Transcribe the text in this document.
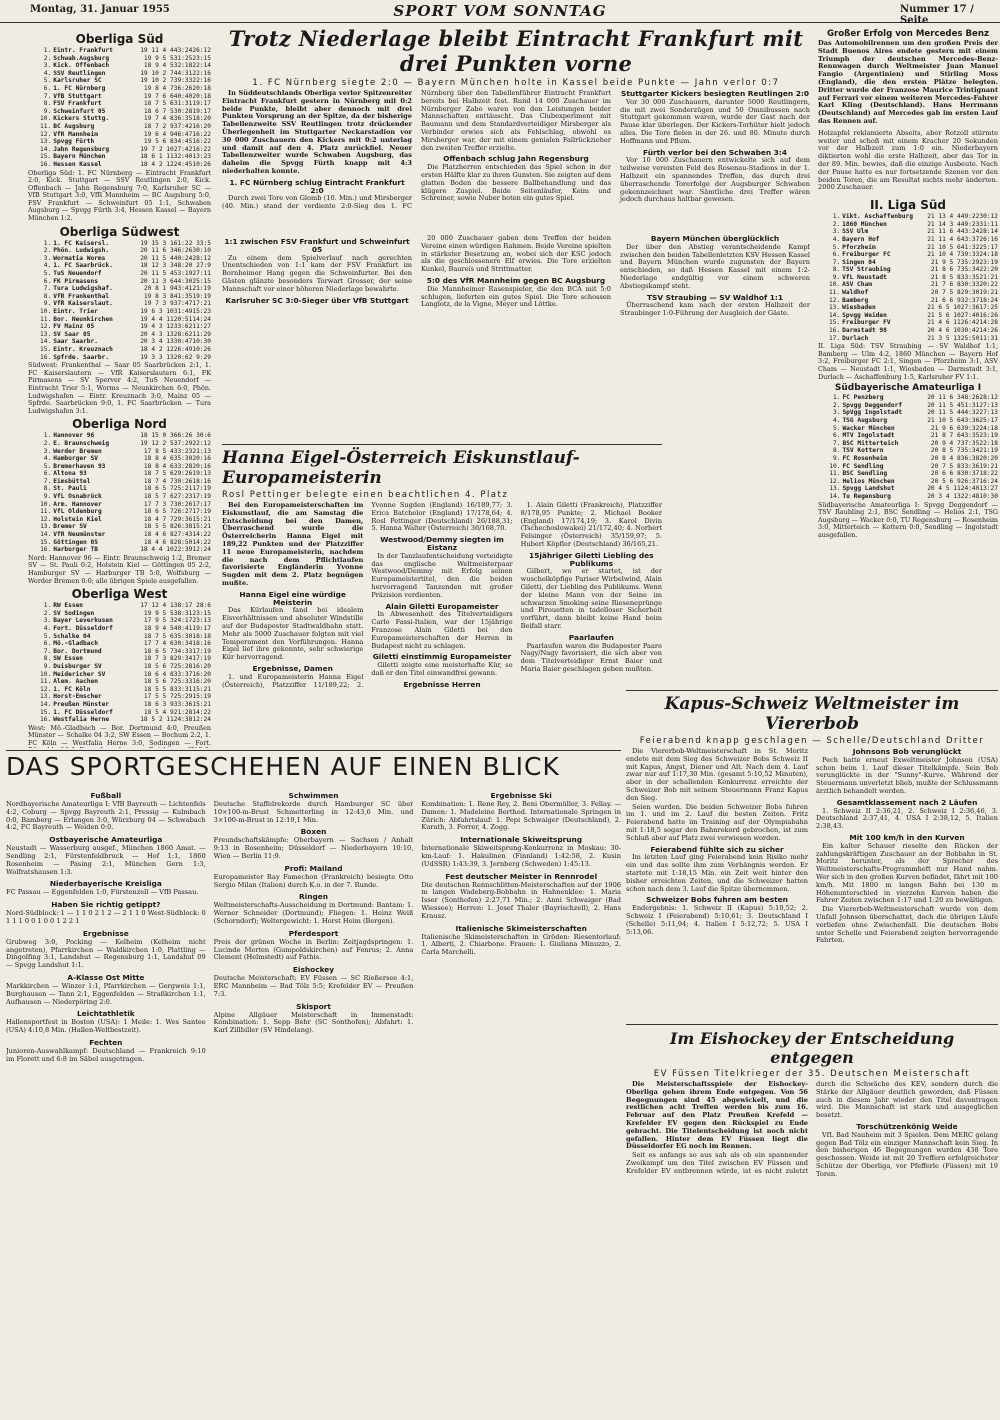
Montag, 31. Januar 1955	SPORT VOM SONNTAG	Nummer 17 / Seite
Oberliga Süd
1.	Eintr. Frankfurt	19 11 4 4	43:24	26:12
2.	Schwab.Augsburg	19 9 5 5	31:25	23:15
3.	Kick. Offenbach	18 9 4 5	32:18	22:14
4.	SSV Reutlingen	19 10 2 7	44:31	22:16
5.	Karlsruher SC	19 10 2 7	39:33	22:16
6.	1. FC Nürnberg	19 8 4 7	36:26	20:18
7.	VfB Stuttgart	19 7 6 6	40:40	20:18
8.	FSV Frankfurt	18 7 5 6	31:31	19:17
9.	Schweinfurt 05	18 6 7 5	30:28	19:17
10.	Kickers Stuttg.	19 7 4 8	36:35	18:20
11.	BC Augsburg	18 7 2 9	37:42	16:20
12.	VfR Mannheim	19 6 4 9	46:47	16:22
13.	Spvgg Fürth	19 5 6 8	34:45	16:22
14.	Jahn Regensburg	19 7 2 10	27:42	16:22
15.	Bayern München	18 6 1 11	32:40	13:23
16.	Hessen Kassel	18 4 2 12	24:45	10:26
Oberliga Süd: 1. FC Nürnberg — Eintracht Frankfurt 2:0, Kick. Stuttgart — SSV Reutlingen 2:0, Kick. Offenbach — Jahn Regensburg 7:0, Karlsruher SC — VfB Stuttgart 3:0, VfR Mannheim — BC Augsburg 5:0, FSV Frankfurt — Schweinfurt 05 1:1, Schwaben Augsburg — Spvgg Fürth 3:4, Hessen Kassel — Bayern München 1:2.
Oberliga Südwest
1.	1. FC Kaisersl.	19 15 3 1	61:22	33:5
2.	Phön. Ludwigsh.	20 11 6 3	46:26	30:10
3.	Wormatia Worms	20 11 5 4	40:24	28:12
4.	1. FC Saarbrück.	18 12 3 3	48:20	27:9
5.	TuS Neuendorf	20 11 5 4	53:19	27:11
6.	FK Pirmasens	20 11 3 6	44:30	25:15
7.	Tura Ludwigshaf.	20 8 1 9	43:41	21:19
8.	VfR Frankenthal	19 8 3 8	41:35	19:19
9.	VfR Kaiserslaut.	19 7 3 9	37:47	17:21
10.	Eintr. Trier	19 6 3 10	31:49	15:23
11.	Bor. Neunkirchen	19 4 4 11	20:51	14:24
12.	FV Mainz 05	19 4 3 12	33:62	11:27
13.	SV Saar 05	20 4 3 13	28:62	11:29
14.	Saar Saarbr.	20 3 4 13	30:47	10:30
15.	Eintr. Kreuznach	18 4 2 12	26:49	10:26
16.	Spfrde. Saarbr.	19 3 3 13	20:62	9:29
Südwest: Frankenthal — Saar 05 Saarbrücken 2:1, 1. FC Kaiserslautern — VfR Kaiserslautern 6:1, FK Pirmasens — SV Sperver 4:2, TuS Neuendorf — Eintracht Trier 5:1, Worms — Neunkirchen 6:0, Phön. Ludwigshafen — Eintr. Kreuznach 3:0, Mainz 05 — Spfrde. Saarbrücken 9:0, 1. FC Saarbrücken — Tura Ludwigshafen 3:1.
Oberliga Nord
1.	Hannover 96	18 15 0 3	66:26	30:6
2.	E. Braunschweig	19 12 2 5	37:29	22:12
3.	Werder Bremen	17 8 5 4	33:23	21:13
4.	Hamburger SV	18 8 4 6	35:30	20:16
5.	Bremerhaven 93	18 8 4 6	33:28	20:16
6.	Altona 93	18 7 5 6	29:26	19:13
7.	Eimsbüttel	18 7 4 7	30:26	18:16
8.	St. Pauli	18 6 5 7	25:21	17:19
9.	VfL Osnabrück	18 5 7 6	27:23	17:19
10.	Arm. Hannover	17 7 3 7	30:26	17:17
11.	VfL Oldenburg	18 6 5 7	26:27	17:19
12.	Holstein Kiel	18 4 7 7	29:36	15:21
13.	Bremer SV	18 5 5 8	26:38	15:21
14.	VfR Neumünster	18 4 6 8	27:43	14:22
15.	Göttingen 05	18 4 6 8	28:50	14:22
16.	Harburger TB	18 4 4 10	22:39	12:24
Nord: Hannover 96 — Eintr. Braunschweig 1:2, Bremer SV — St. Pauli 0:2, Holstein Kiel — Göttingen 05 2:2, Hamburger SV — Harburger TB 5:0, Wolfsburg — Werder Bremen 0:0; alle übrigen Spiele ausgefallen.
Oberliga West
1.	RW Essen	17 12 4 1	38:17	28:6
2.	SV Sodingen	19 9 5 5	38:31	23:15
3.	Bayer Leverkusen	17 9 5 3	24:17	23:13
4.	Fort. Düsseldorf	18 9 4 5	40:41	19:17
5.	Schalke 04	18 7 5 6	35:30	18:18
6.	Mö.-Gladbach	17 7 4 6	30:34	18:16
7.	Bor. Dortmund	18 6 5 7	34:33	17:19
8.	SW Essen	18 7 3 8	29:34	17:19
9.	Duisburger SV	18 5 6 7	25:28	16:20
10.	Meidericher SV	18 6 4 8	33:37	16:20
11.	Alem. Aachen	18 5 6 7	25:33	16:20
12.	1. FC Köln	18 5 5 8	33:31	15:21
13.	Horst-Emscher	17 5 5 7	25:29	15:19
14.	Preußen Münster	18 6 3 9	33:36	15:21
15.	1. FC Düsseldorf	18 5 4 9	21:28	14:22
16.	Westfalia Herne	18 5 2 11	24:38	12:24
West: Mö.-Gladbach — Bor. Dortmund 4:0, Preußen Münster — Schalke 04 3:2, SW Essen — Bochum 2:2, 1. FC Köln — Westfalia Herne 3:0, Sodingen — Fort.

Trotz Niederlage bleibt Eintracht Frankfurt mit drei Punkten vorne
1. FC Nürnberg siegte 2:0 — Bayern München holte in Kassel beide Punkte — Jahn verlor 0:7

In Süddeutschlands Oberliga verlor Spitzenreiter Eintracht Frankfurt gestern in Nürnberg mit 0:2 beide Punkte, bleibt aber dennoch mit drei Punkten Vorsprung an der Spitze, da der bisherige Tabellenzweite SSV Reutlingen trotz drückender Überlegenheit im Stuttgarter Neckarstadion vor 30 000 Zuschauern den Kickers mit 0:2 unterlag und damit auf den 4. Platz zurückfiel. Neuer Tabellenzweiter wurde Schwaben Augsburg, das daheim die Spvgg Fürth knapp mit 4:3 niederhalten konnte.

1. FC Nürnberg schlug Eintracht Frankfurt 2:0

Durch zwei Tore von Glomb (10. Min.) und Mirsberger (40. Min.) stand der verdiente 2:0-Sieg des 1. FC Nürnberg über den Tabellenführer Eintracht Frankfurt bereits bei Halbzeit fest. Rund 14 000 Zuschauer im Nürnberger Zabo waren von den Leistungen beider Mannschaften enttäuscht. Das Clubexperiment mit Baumann und dem Standardverteidiger Mirsberger als Verbinder erwies sich als Fehlschlag, obwohl es Mirsberger war, der mit einem genialen Fallrückzieher den zweiten Treffer erzielte.

Offenbach schlug Jahn Regensburg

Die Platzherren entschieden das Spiel schon in der ersten Hälfte klar zu ihren Gunsten. Sie zeigten auf dem glatten Boden die bessere Ballbehandlung und das klügere Zuspiel. Beide Seitenläufer, Keim und Schreiner, sowie Nuber boten ein gutes Spiel.

Stuttgarter Kickers besiegten Reutlingen 2:0

Vor 30 000 Zuschauern, darunter 5000 Reutlingern, die mit zwei Sonderzügen und 50 Omnibussen nach Stuttgart gekommen waren, wurde der Gast nach der Pause klar überlegen. Der Kickers-Torhüter hielt jedoch alles. Die Tore fielen in der 26. und 80. Minute durch Hoffmann und Pflum.

Fürth verlor bei den Schwaben 3:4

Vor 10 000 Zuschauern entwickelte sich auf dem teilweise vereisten Feld des Rosenau-Stadions in der 1. Halbzeit ein spannendes Treffen, das durch drei überraschende Torerfolge der Augsburger Schwaben gekennzeichnet war. Sämtliche drei Treffer wären jedoch durchaus haltbar gewesen.

1:1 zwischen FSV Frankfurt und Schweinfurt 05

Zu einem dem Spielverlauf nach gerechten Unentschieden von 1:1 kam der FSV Frankfurt im Bornheimer Hang gegen die Schweinfurter. Bei den Gästen glänzte besonders Torwart Grosser, der seine Mannschaft vor einer höheren Niederlage bewahrte.

Karlsruher SC 3:0-Sieger über VfB Stuttgart

20 000 Zuschauer gaben dem Treffen der beiden Vereine einen würdigen Rahmen. Beide Vereine spielten in stärkster Besetzung an, wobei sich der KSC jedoch als die geschlossenere Elf erwies. Die Tore erzielten Kunkel, Baureis und Strittmatter.

5:0 des VfR Mannheim gegen BC Augsburg

Die Mannheimer Rasenspieler, die den BCA mit 5:0 schlugen, lieferten ein gutes Spiel. Die Tore schossen Langlotz, de la Vigne, Meyer und Löttke.

Bayern München überglücklich

Der über den Abstieg verantscheidende Kampf zwischen den beiden Tabellenletzten KSV Hessen Kassel und Bayern München wurde zugunsten der Bayern entschieden, so daß Hessen Kassel mit einem 1:2-Niederlage endgültig vor einem schweren Abstiegskampf steht.

TSV Straubing — SV Waldhof 1:1

Überraschend kam nach der ersten Halbzeit der Straubinger 1:0-Führung der Ausgleich der Gäste.

Hanna Eigel-Österreich Eiskunstlauf-Europameisterin
Rosl Pettinger belegte einen beachtlichen 4. Platz

Bei den Europameisterschaften im Eiskunstlauf, die am Samstag die Entscheidung bei den Damen, Überraschend wurde die Österreicherin Hanna Eigel mit 189,22 Punkten und der Platzziffer 11 neue Europameisterin, nachdem die nach dem Pflichtlaufen favorisierte Engländerin Yvonne Sugden mit dem 2. Platz begnügen mußte.

Hanna Eigel eine würdige Meisterin

Das Kürlaufen fand bei idealem Eisverhältnissen und absoluter Windstille auf der Budapester Stadtwaldbahn statt. Mehr als 5000 Zuschauer folgten mit viel Temperament den Vorführungen. Hanna Eigel lief ihre gekonnte, sehr schwierige Kür hervorragend.

Ergebnisse, Damen

1. und Europameisterin Hanna Eigel (Österreich), Platzziffer 11/189,22; 2. Yvonne Sugden (England) 16/189,77; 3. Erica Batchelor (England) 17/178,64; 4. Rosl Pettinger (Deutschland) 26/188,31; 5. Hanna Walter (Österreich) 36/168,70.

Westwood/Demmy siegten im Eistanz

In der Tanzlaufentscheidung verteidigte das englische Weltmeisterpaar Westwood/Demmy mit Erfolg seinen Europameistertitel, den die beiden hervorragend Tanzenden mit großer Präzision verdienten.

Alain Giletti Europameister

In Abwesenheit des Titelverteidigers Carlo Fassi-Italien, war der 15jährige Franzose Alain Giletti bei den Europameisterschaften der Herren in Budapest nicht zu schlagen.

Giletti einstimmig Europameister

Giletti zeigte eine meisterhafte Kür, so daß er den Titel einwandfrei gewann.

Ergebnisse Herren

1. Alain Giletti (Frankreich), Platzziffer 8/178,95 Punkte; 2. Michael Booker (England) 17/174,19; 3. Karol Divin (Tschechoslowakei) 21/172,40; 4. Norbert Felsinger (Österreich) 35/159,97; 5. Hubert Köpfler (Deutschland) 36/165,21.

15jähriger Giletti Liebling des Publikums

Gilbert, wo er startet, ist der wuschelköpfige Pariser Wirbelwind, Alain Giletti, der Liebling des Publikums. Wenn der kleine Mann von der Seine im schwarzen Smoking seine Rieseneprünge und Pirouetten in tadelloser Sicherheit vorführt, dann bleibt keine Hand beim Beifall starr.

Paarlaufen

Paarlaufen waren die Budapester Paare Nagy/Nagy favorisiert, die sich aber von dem Titelverteidiger Ernst Baier und Maria Baier geschlagen geben mußten.

Großer Erfolg von Mercedes Benz
Das Automobilrennen um den großen Preis der Stadt Buenos Aires endete gestern mit einem Triumph der deutschen Mercedes-Benz-Rennwagen durch Weltmeister Juan Manuel Fangio (Argentinien) und Stirling Moss (England), die den ersten Plätze belegten. Dritter wurde der Franzose Maurice Trintignant auf Ferrari vor einem weiteren Mercedes-Fahrer Karl Kling (Deutschland). Hans Herrmann (Deutschland) auf Mercedes gab im ersten Lauf das Rennen auf.
Holzapfel reklamierte Abseits, aber Rotzoll stürmte weiter und schoß mit einem Kracher 20 Sekunden vor der Halbzeit zum 1:0 ein. Niederbayern diktierten wohl die erste Halbzeit, aber das Tor in der 89. Min. bewies, daß die einzige Ausbeute. Nach der Pause hatte es nur fortsetzende Szenen vor den beiden Toren, die am Resultat nichts mehr änderten. 2000 Zuschauer.
II. Liga Süd
1.	Vikt. Aschaffenburg	21 13 4 4	49:22	30:12
2.	1860 München	21 14 3 4	49:23	31:11
3.	SSV Ulm	21 11 6 4	43:24	28:14
4.	Bayern Hof	21 11 4 6	43:37	26:16
5.	Pforzheim	21 10 5 6	41:32	25:17
6.	Freiburger FC	21 10 4 7	39:33	24:18
7.	Singen 04	21 9 5 7	35:29	23:19
8.	TSV Straubing	21 8 6 7	35:34	22:20
9.	VfL Neustadt	21 8 5 8	33:35	21:21
10.	ASV Cham	21 7 6 8	30:33	20:22
11.	Waldhof	20 7 5 8	29:30	19:21
12.	Bamberg	21 6 6 9	32:37	18:24
13.	Wiesbaden	21 6 5 10	27:36	17:25
14.	Spvgg Weiden	21 5 6 10	27:40	16:26
15.	Freiburger FV	21 4 6 11	26:42	14:28
16.	Darmstadt 98	20 4 6 10	30:42	14:26
17.	Durlach	21 3 5 13	25:50	11:31
II. Liga Süd: TSV Straubing — SV Waldhof 1:1, Bamberg — Ulm 4:2, 1860 München — Bayern Hof 3:2, Freiburger FC 2:1, Singen — Pforzheim 3:1, ASV Cham — Neustadt 1:1, Wiesbaden — Darmstadt 3:1, Durlach — Aschaffenburg 1:5, Karlsruher FV 1:1.
Südbayerische Amateurliga I
1.	FC Penzberg	20 11 6 3	48:26	28:12
2.	Spvgg Deggendorf	20 11 5 4	51:31	27:13
3.	SpVgg Ingolstadt	20 11 5 4	44:32	27:13
4.	TSG Augsburg	21 10 5 6	43:36	25:17
5.	Wacker München	21 9 6 6	39:32	24:18
6.	MTV Ingolstadt	21 8 7 6	43:35	23:19
7.	BSC Mitterteich	20 9 4 7	37:35	22:18
8.	TSV Kottern	20 8 5 7	35:34	21:19
9.	FC Rosenheim	20 8 4 8	36:38	20:20
10.	FC Sendling	20 7 5 8	33:36	19:21
11.	BSC Sendling	20 6 6 8	30:37	18:22
12.	Helios München	20 5 6 9	26:37	16:24
13.	Spvgg Landshut	20 4 5 11	24:40	13:27
14.	Tu Regensburg	20 3 4 13	22:48	10:30
Südbayerische Amateurliga I: Spvgg Deggendorf — TSV Raubling 2:1, BSC Sendling — Helios 2:1, TSG Augsburg — Wacker 0:0, TU Regensburg — Rosenheim 3:0, Mitterteich — Kottern 0:0, Sendling — Ingolstadt ausgefallen.
Kapus-Schweiz Weltmeister im Viererbob
Feierabend knapp geschlagen — Schelle/Deutschland Dritter

Die Viererbob-Weltmeisterschaft in St. Moritz endete mit dem Sieg des Schweizer Bobs Schweiz II mit Kapus, Angst, Diener und Alt. Nach dem 4. Lauf zwar nur auf 1:17,30 Min. (gesamt 5:10,52 Minuten), aber in der schallenden Konkurrenz erreichte der Schweizer Bob mit seinem Steuermann Franz Kapus den Sieg.

Seien wurden. Die beiden Schweizer Bobs fuhren im 1. und im 2. Lauf die besten Zeiten. Fritz Feierabend hatte im Training auf der Olympiabahn mit 1:18,5 sogar den Bahnrekord gebrochen, ist zum Schluß aber auf Platz zwei verwiesen worden.

Feierabend fühlte sich zu sicher

Im letzten Lauf ging Feierabend kein Risiko mehr ein und das sollte ihm zum Verhängnis werden. Er startete mit 1:18,15 Min. ein Zeit weit hinter den bisher erreichten Zeiten, und die Schweizer hatten schon nach dem 3. Lauf die Spitze übernommen.

Schweizer Bobs fuhren am besten

Endergebnis: 1. Schweiz II (Kapus) 5:10,52; 2. Schweiz I (Feierabend) 5:10,61; 3. Deutschland I (Schelle) 5:11,94; 4. Italien I 5:12,72; 5. USA I 5:13,06.

Johnsons Bob verunglückt

Pech hatte erneut Exweltmeister Johnson (USA) schon beim 1. Lauf dieser Titelkämpfe. Sein Bob verunglückte in der "Sunny"-Kurve. Während der Steuermann unverletzt blieb, mußte der Schlussmann ärztlich behandelt werden.

Gesamtklassement nach 2 Läufen

1. Schweiz II 2:36,21, 2. Schweiz I 2:36,46, 3. Deutschland 2:37,41, 4. USA I 2:38,12, 5. Italien 2:38,43.

Mit 100 km/h in den Kurven

Ein kalter Schauer rieselte den Rücken der zahlungskräftigen Zuschauer an der Bobbahn in St. Moritz herunter, als der Sprecher des Weltmeisterschafts-Programmheft nur Hand nahm. Wer sich in den großen Kurven befindet, fährt mit 100 km/h. Mit 1800 m langen Bahn bei 130 m Höhenunterschied in vierzehn Kurven haben die Fahrer Zeiten zwischen 1:17 und 1:20 zu bewältigen.

Die Viererbob-Weltmeisterschaft wurde von dem Unfall Johnson überschattet, doch die übrigen Läufe verliefen ohne Zwischenfall. Die deutschen Bobs unter Schelle und Feierabend zeigten hervorragende Fahrten.

DAS SPORTGESCHEHEN AUF EINEN BLICK
Fußball
Nordbayerische Amateurliga I: VfB Bayreuth — Lichtenfels 4:2, Coburg — Spvgg Bayreuth 2:1, Pressig — Kulmbach 0:0, Bamberg — Erlangen 3:0, Würzburg 04 — Schwabach 4:2, FC Bayreuth — Weiden 0:0.
Ostbayerische Amateurliga
Neustadt — Wasserburg ausgef., München 1860 Amat. — Sendling 2:1, Fürstenfeldbruck — Hof 1:1, 1860 Rosenheim — Pasing 2:1, München Gern 1:3, Wolfratshausen 1:3.
Niederbayerische Kreisliga
FC Passau — Eggenfelden 1:0, Fürstenzell — VfB Passau.
Haben Sie richtig getippt?
Nord-Südblock: 1 — 1 1 0 2 1 2 — 2 1 1 0 West-Südblock: 0 1 1 1 0 0 1 0 0 1 2 2 1
Ergebnisse
Grubweg 3:0, Pocking — Kelheim (Kelheim nicht angetreten), Pfarrkirchen — Waldkirchen 1:0, Plattling — Dingolfing 3:1, Landshut — Regensburg 1:1, Landshut 09 — Spvgg Landshut 1:1.
A-Klasse Ost Mitte
Markkirchen — Winzer 1:1, Pfarrkirchen — Gergweis 1:1, Burghausen — Tann 2:1, Eggenfelden — Straßkirchen 1:1, Aufhausen — Niederpöring 2:0.
Leichtathletik
Hallensportfest in Boston (USA): 1 Meile: 1. Wes Santee (USA) 4:10,8 Min. (Hallen-Weltbestzeit).
Fechten
Junioren-Auswahlkampf: Deutschland — Frankreich 9:10 im Florett und 6:8 im Säbel ausgetragen.
Schwimmen
Deutsche Staffelrekorde durch Hamburger SC über 10×100-m-Brust Schmetterling in 12:43,6 Min. und 3×100-m-Brust in 12:19,1 Min.
Boxen
Freundschaftskämpfe: Oberbayern — Sachsen / Anhalt 9:13 in Rosenheim; Düsseldorf — Niederbayern 10:10, Wien — Berlin 11:9.
Profi: Mailand
Europameister Ray Famechon (Frankreich) besiegte Otto Sergio Milan (Italien) durch K.o. in der 7. Runde.
Ringen
Weltmeisterschafts-Ausscheidung in Dortmund: Bantam: 1. Werner Schneider (Dortmund); Fliegen: 1. Heinz Weiß (Schorndorf); Weltergewicht: 1. Horst Heim (Bergen).
Pferdesport
Preis der grünen Woche in Berlin: Zeitjagdspringen: 1. Lucinde Merten (Gumpoldskirchen) auf Fenrus; 2. Anna Clement (Helmstedt) auf Fathis.
Eishockey
Deutsche Meisterschaft: EV Füssen — SC Rießersee 4:1, ERC Mannheim — Bad Tölz 5:5; Krefelder EV — Preußen 7:3.
Skisport
Alpine Allgäuer Meisterschaft in Immenstadt: Kombination: 1. Sepp Behr (SC Sonthofen); Abfahrt: 1. Karl Zillbiller (SV Hindelang).
Ergebnisse Ski
Kombination: 1. Rene Rey, 2. Beni Obermüller, 3. Fellay. — Damen: 1. Madeleine Berthod. Internationale Springen in Zürich: Abfahrtslauf: 1. Pepi Schwaiger (Deutschland), 2. Kurath, 3. Forrer, 4. Zogg.
Internationale Skiweitsprung
Internationale Skiweitsprung-Konkurrenz in Moskau: 30-km-Lauf: 1. Hakulinen (Finnland) 1:42:58, 2. Kusin (UdSSR) 1:43:39, 3. Jernberg (Schweden) 1:45:13.
Fest deutscher Meister in Rennrodel
Die deutschen Rennschlitten-Meisterschaften auf der 1906 m langen Wadeberg-Bobbahn in Hahnenklee: 1. Maria Isser (Sonthofen) 2:27,71 Min.; 2. Anni Schwaiger (Bad Wiessee); Herren: 1. Josef Thaler (Bayrischzell), 2. Hans Krausz.
Italienische Skimeisterschaften
Italienische Skimeisterschaften in Gröden: Riesentorlauf: 1. Alberti, 2. Chiarbone. Frauen: 1. Giuliana Minuzzo, 2. Carla Marchelli.
Im Eishockey der Entscheidung entgegen
EV Füssen Titelkrieger der 35. Deutschen Meisterschaft

Die Meisterschaftsspiele der Eishockey-Oberliga gehen ihrem Ende entgegen. Von 56 Begegnungen sind 45 abgewickelt, und die restlichen acht Treffen werden bis zum 16. Februar auf den Platz Preußen Krefeld — Krefelder EV gegen den Rückspiel zu Ende gebracht. Die Titelentscheidung ist noch nicht gefallen. Hinter dem EV Füssen liegt die Düsseldorfer EG noch im Rennen.

Seit es anfangs so aus sah als ob ein spannender Zweikampf um den Titel zwischen EV Füssen und Krefelder EV entbrennen würde, ist es nicht zuletzt durch die Schwäche des KEV, sondern durch die Stärke der Allgäuer deutlich geworden, daß Füssen auch in diesem Jahr wieder den Titel davontragen wird. Die Mannschaft ist stark und ausgeglichen besetzt.

Torschützenkönig Weide

VfL Bad Nauheim mit 3 Spielen. Dem MERC gelang gegen Bad Tölz ein einziger Mannschaft kein Sieg. In den bisherigen 46 Begegnungen wurden 438 Tore geschossen. Weide ist mit 20 Treffern erfolgreichster Schütze der Oberliga, vor Pfefferle (Füssen) mit 19 Toren.
